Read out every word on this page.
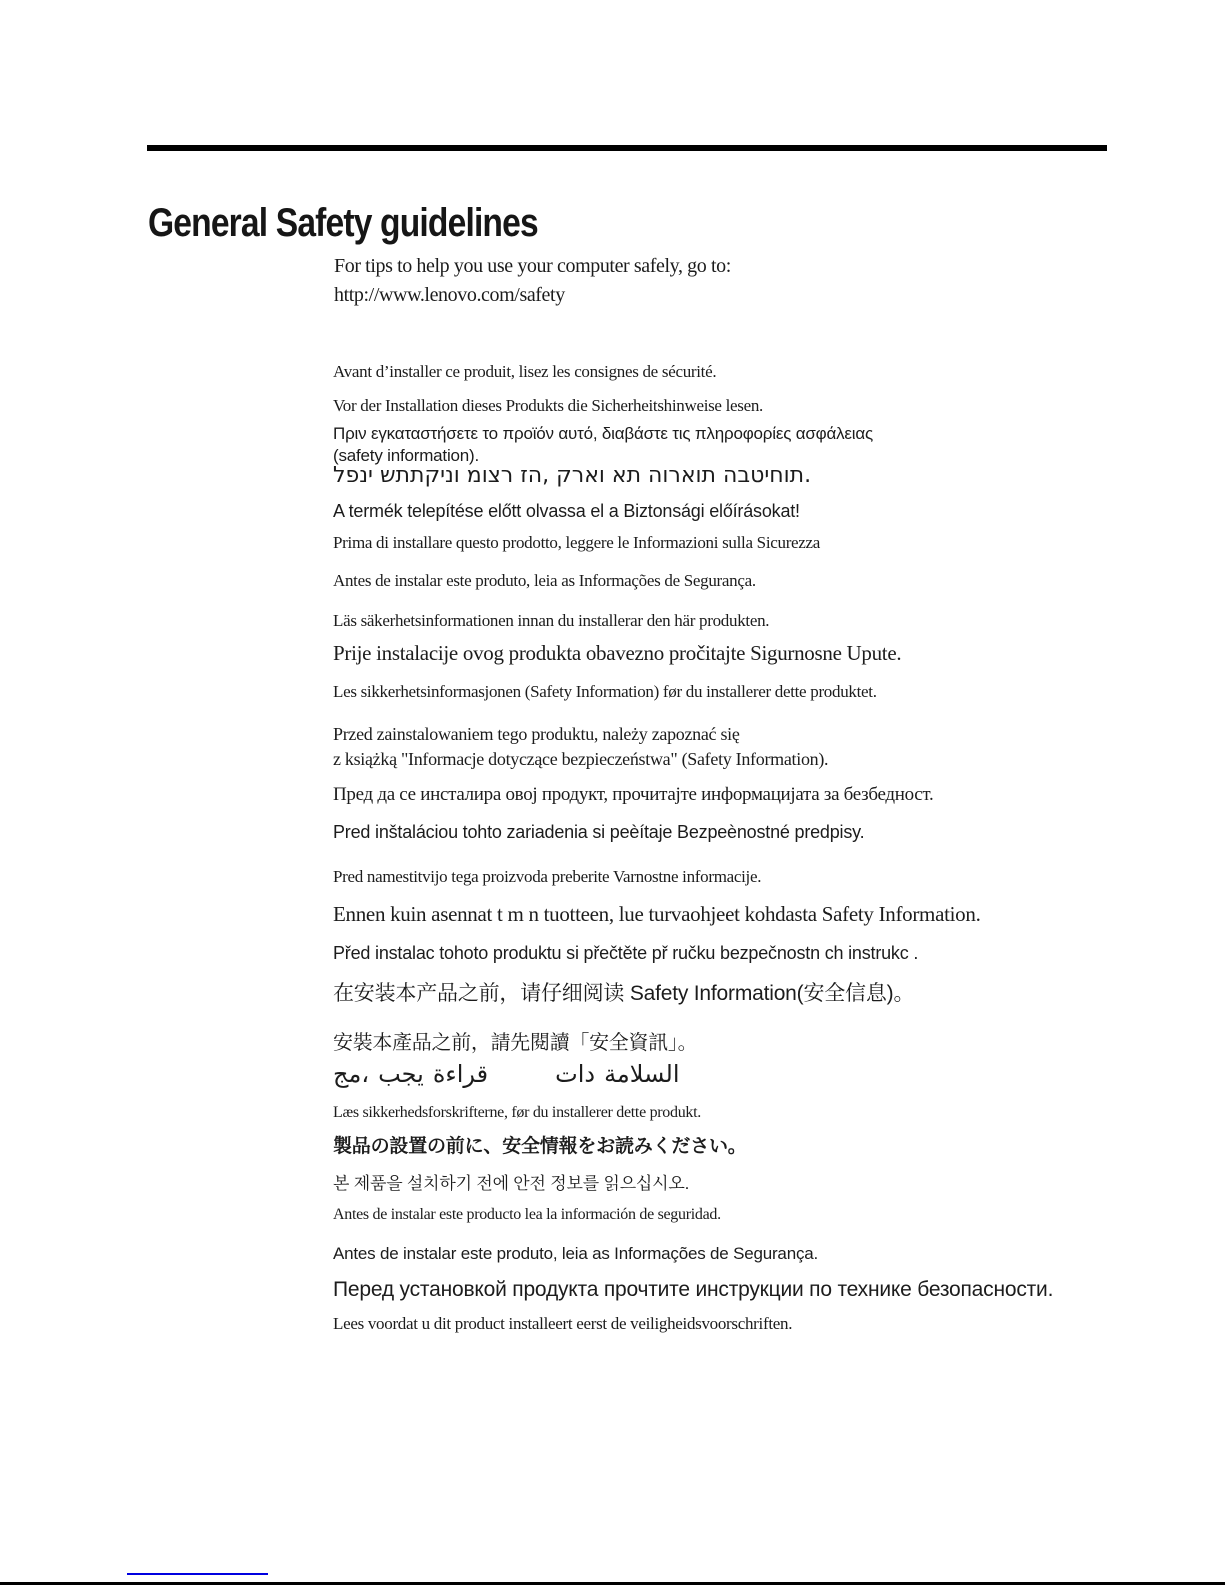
General Safety guidelines
For tips to help you use your computer safely, go to:
http://www.lenovo.com/safety
Avant d’installer ce produit, lisez les consignes de sécurité.
Vor der Installation dieses Produkts die Sicherheitshinweise lesen.
Πριν εγκαταστήσετε το προϊόν αυτό, διαβάστε τις πληροφορίες ασφάλειας
(safety information).
לפני שתתקינו מוצר זה, קראו את הוראות הבטיחות.
A termék telepítése előtt olvassa el a Biztonsági előírásokat!
Prima di installare questo prodotto, leggere le Informazioni sulla Sicurezza
Antes de instalar este produto, leia as Informações de Segurança.
Läs säkerhetsinformationen innan du installerar den här produkten.
Prije instalacije ovog produkta obavezno pročitajte Sigurnosne Upute.
Les sikkerhetsinformasjonen (Safety Information) før du installerer dette produktet.
Przed zainstalowaniem tego produktu, należy zapoznać się
z książką "Informacje dotyczące bezpieczeństwa" (Safety Information).
Пред да се инсталира овој продукт, прочитајте информацијата за безбедност.
Pred inštaláciou tohto zariadenia si peèítaje Bezpeènostné predpisy.
Pred namestitvijo tega proizvoda preberite Varnostne informacije.
Ennen kuin asennat t m n tuotteen, lue turvaohjeet kohdasta Safety Information.
Před instalac tohoto produktu si přečtěte př ručku bezpečnostn ch instrukc .
在安装本产品之前，请仔细阅读 Safety Information(安全信息)。
安裝本產品之前，請先閱讀「安全資訊」。
مج، يجب قراءة	دات السلامة
Læs sikkerhedsforskrifterne, før du installerer dette produkt.
製品の設置の前に、安全情報をお読みください。
본 제품을 설치하기 전에 안전 정보를 읽으십시오.
Antes de instalar este producto lea la información de seguridad.
Antes de instalar este produto, leia as Informações de Segurança.
Перед установкой продукта прочтите инструкции по технике безопасности.
Lees voordat u dit product installeert eerst de veiligheidsvoorschriften.
